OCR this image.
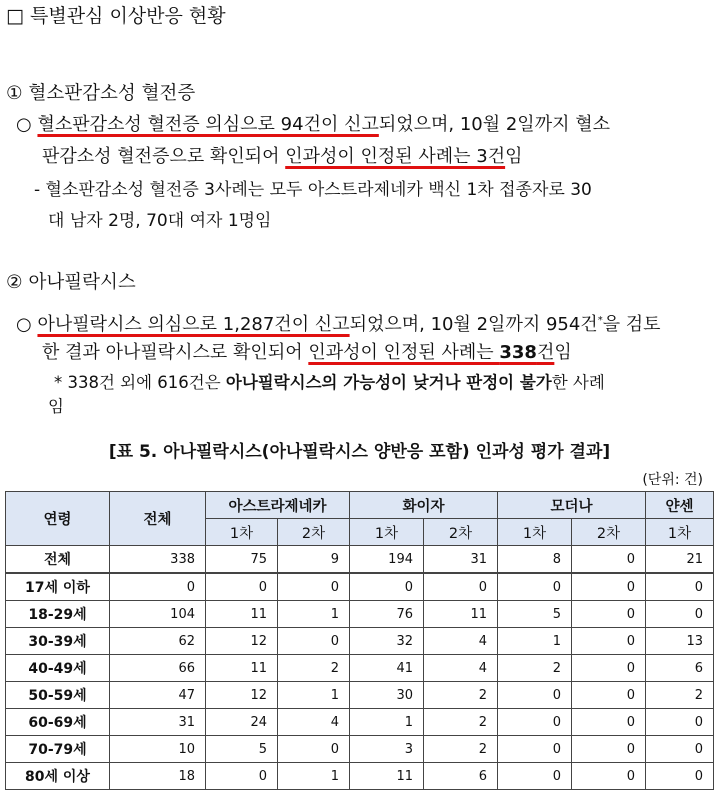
□ 특별관심 이상반응 현황
① 혈소판감소성 혈전증
○ 혈소판감소성 혈전증 의심으로 94건이 신고되었으며, 10월 2일까지 혈소
판감소성 혈전증으로 확인되어 인과성이 인정된 사례는 3건임
- 혈소판감소성 혈전증 3사례는 모두 아스트라제네카 백신 1차 접종자로 30
대 남자 2명, 70대 여자 1명임
② 아나필락시스
○ 아나필락시스 의심으로 1,287건이 신고되었으며, 10월 2일까지 954건*을 검토
한 결과 아나필락시스로 확인되어 인과성이 인정된 사례는 338건임
* 338건 외에 616건은 아나필락시스의 가능성이 낮거나 판정이 불가한 사례
임
[표 5. 아나필락시스(아나필락시스 양반응 포함) 인과성 평가 결과]
(단위: 건)
연령	전체	아스트라제네카		화이자		모더나		얀센
		1차	2차	1차	2차	1차	2차	1차
전체	338	75	9	194	31	8	0	21
17세 이하	0	0	0	0	0	0	0	0
18-29세	104	11	1	76	11	5	0	0
30-39세	62	12	0	32	4	1	0	13
40-49세	66	11	2	41	4	2	0	6
50-59세	47	12	1	30	2	0	0	2
60-69세	31	24	4	1	2	0	0	0
70-79세	10	5	0	3	2	0	0	0
80세 이상	18	0	1	11	6	0	0	0
